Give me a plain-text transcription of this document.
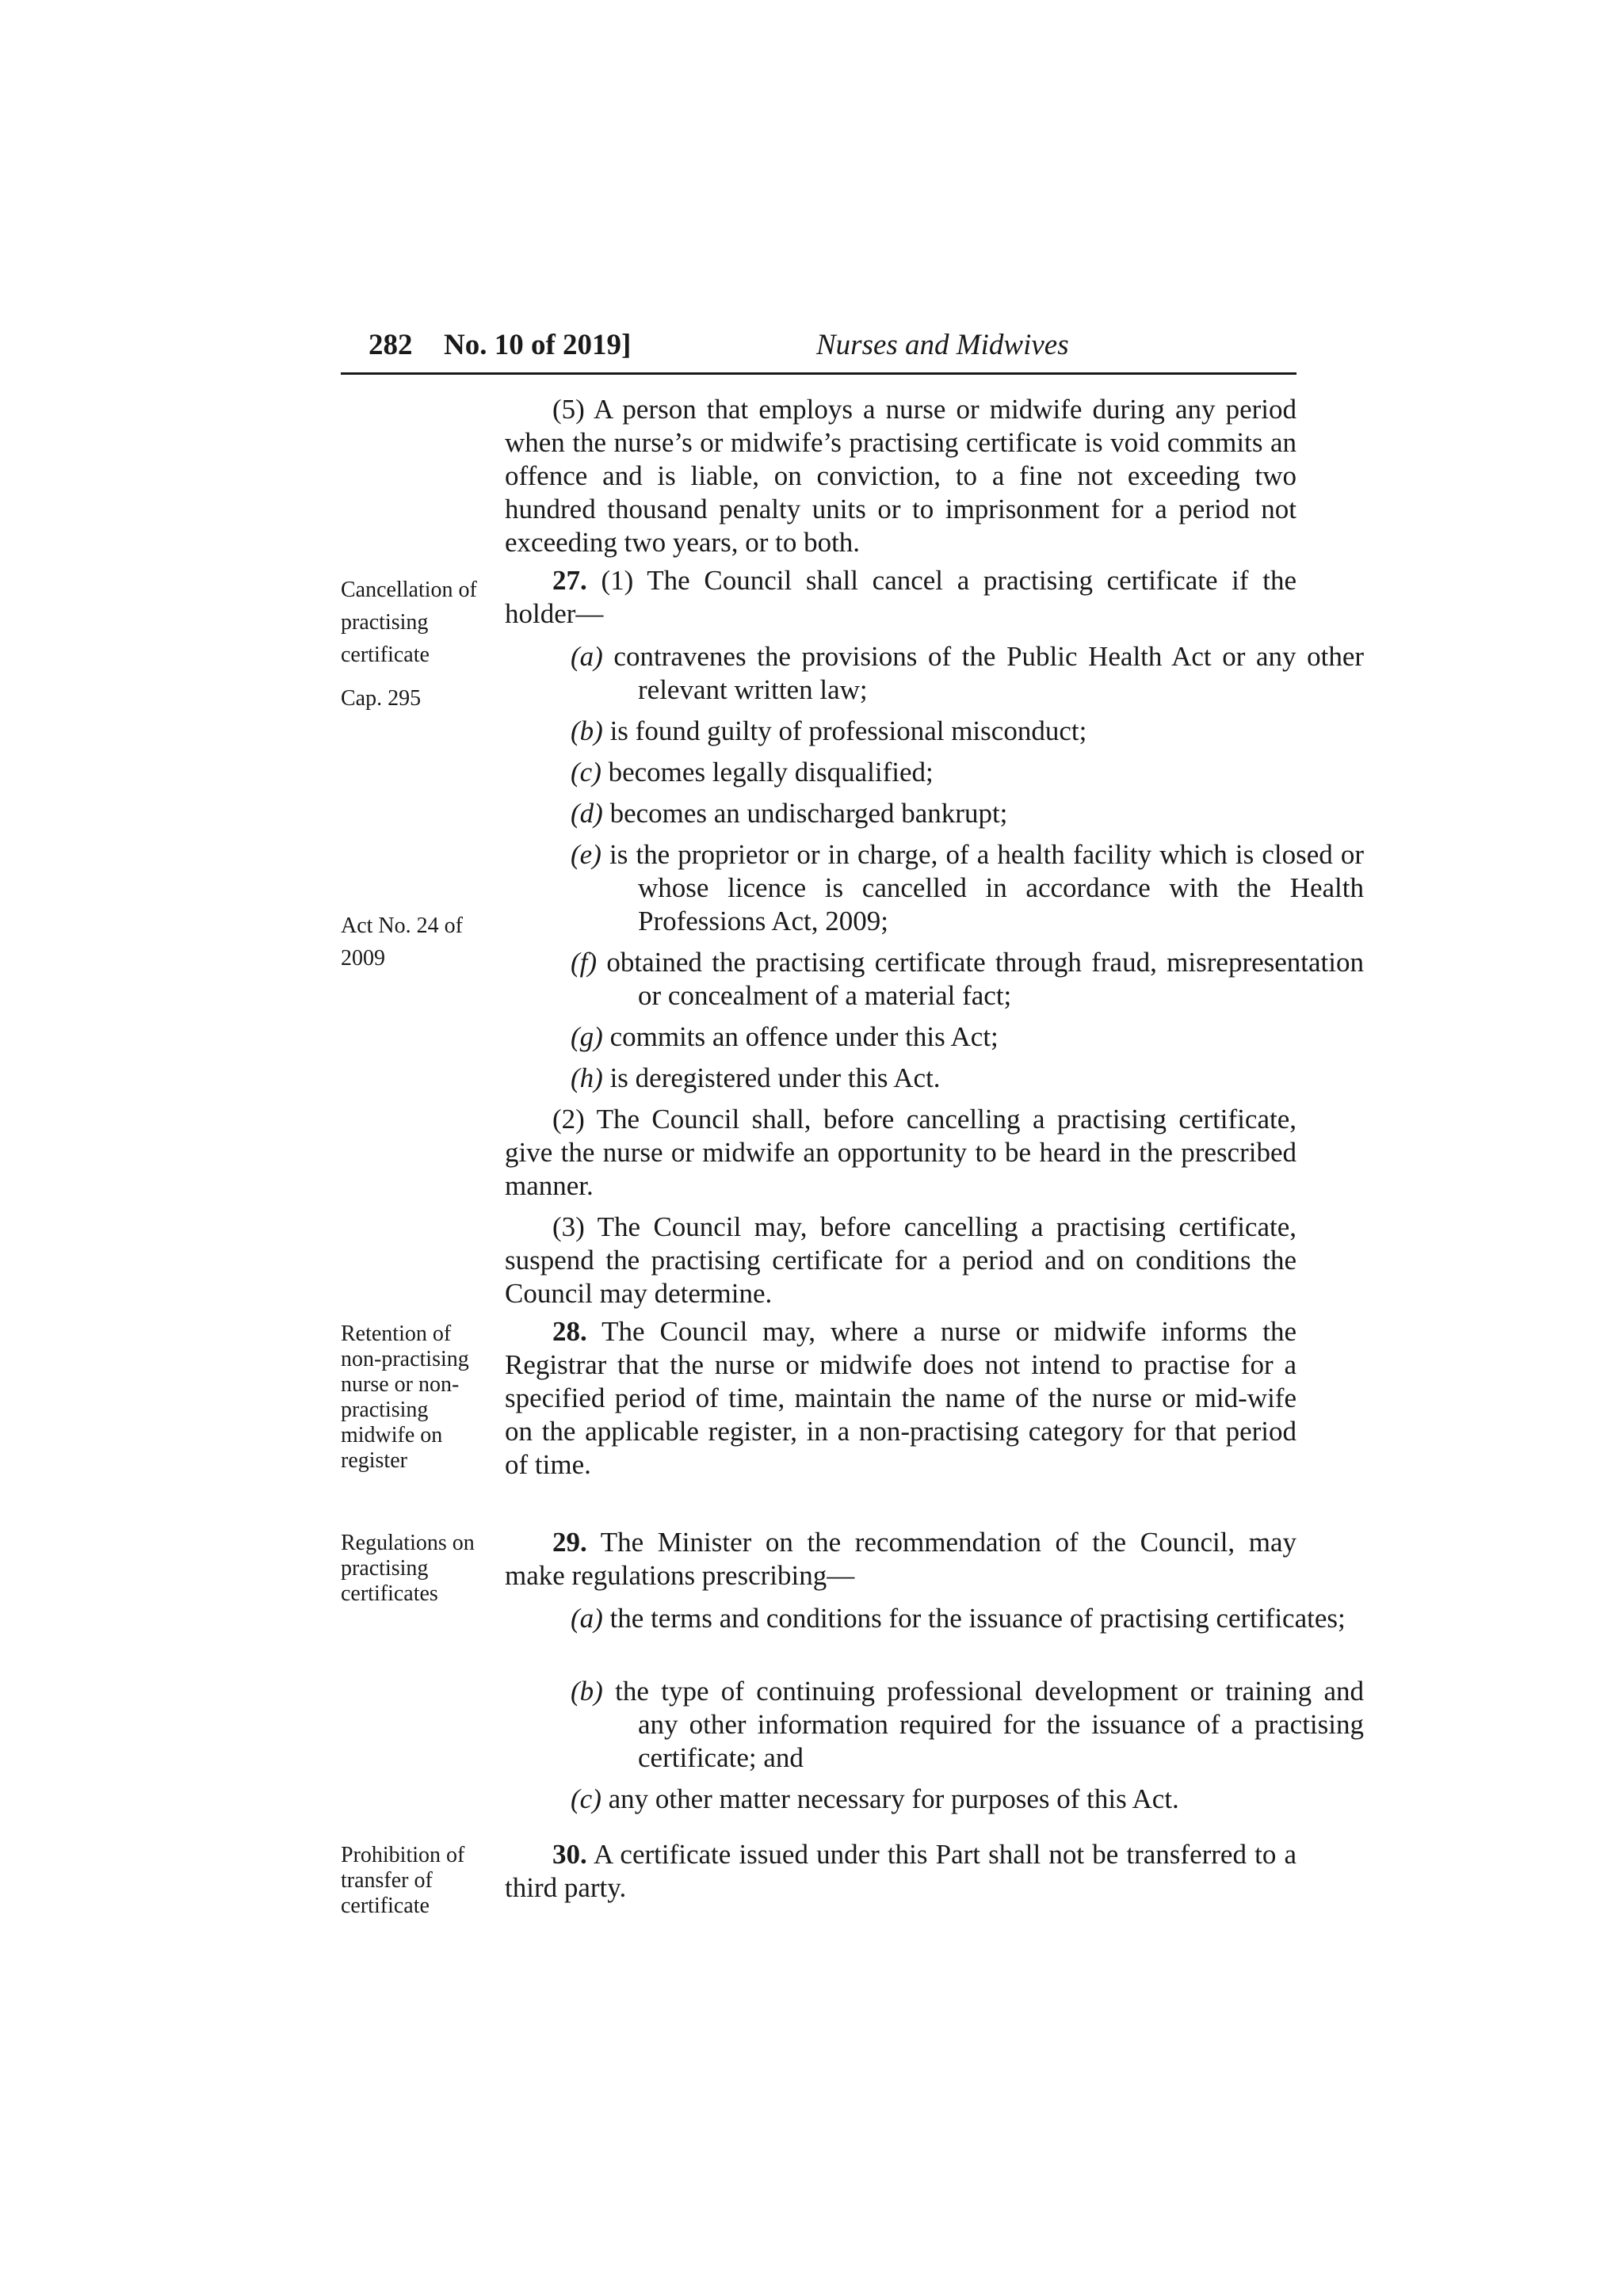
282 No. 10 of 2019]	Nurses and Midwives

Cancellation of practising certificate

Cap. 295

Act No. 24 of 2009

Retention of non-practising nurse or non-practising midwife on register
Regulations on practising certificates
Prohibition of transfer of certificate

(5) A person that employs a nurse or midwife during any period when the nurse’s or midwife’s practising certificate is void commits an offence and is liable, on conviction, to a fine not exceeding two hundred thousand penalty units or to imprisonment for a period not exceeding two years, or to both.

27. (1) The Council shall cancel a practising certificate if the holder—

(a) contravenes the provisions of the Public Health Act or any other relevant written law;
(b) is found guilty of professional misconduct;
(c) becomes legally disqualified;
(d) becomes an undischarged bankrupt;
(e) is the proprietor or in charge, of a health facility which is closed or whose licence is cancelled in accordance with the Health Professions Act, 2009;
(f) obtained the practising certificate through fraud, misrepresentation or concealment of a material fact;
(g) commits an offence under this Act;
(h) is deregistered under this Act.

(2) The Council shall, before cancelling a practising certificate, give the nurse or midwife an opportunity to be heard in the prescribed manner.

(3) The Council may, before cancelling a practising certificate, suspend the practising certificate for a period and on conditions the Council may determine.

28. The Council may, where a nurse or midwife informs the Registrar that the nurse or midwife does not intend to practise for a specified period of time, maintain the name of the nurse or mid-wife on the applicable register, in a non-practising category for that period of time.

29. The Minister on the recommendation of the Council, may make regulations prescribing—

(a) the terms and conditions for the issuance of practising certificates;
(b) the type of continuing professional development or training and any other information required for the issuance of a practising certificate; and
(c) any other matter necessary for purposes of this Act.

30. A certificate issued under this Part shall not be transferred to a third party.
